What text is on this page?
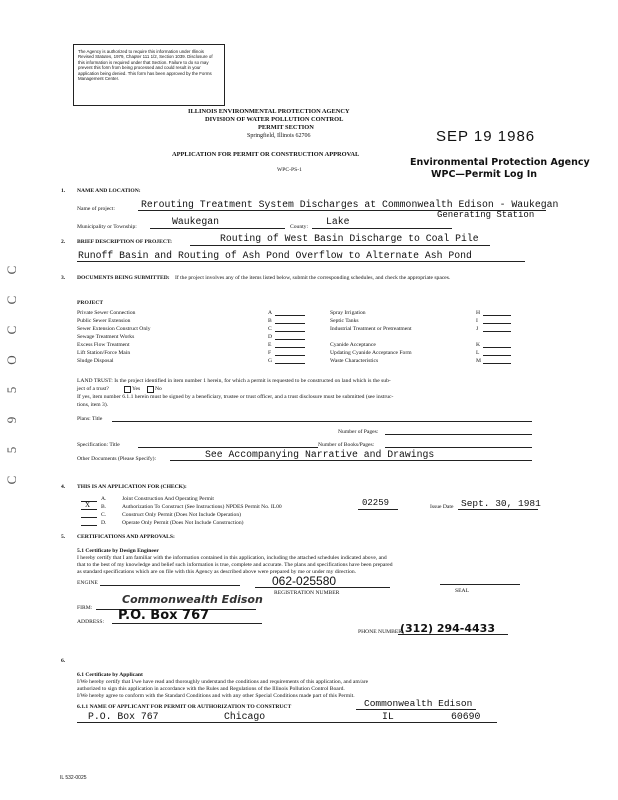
C
C
C
O
5
9
5
C
The Agency is authorized to require this information under Illinois Revised Statutes, 1979, Chapter 111 1/2, Section 1039. Disclosure of this information is required under that Section. Failure to do so may prevent this form from being processed and could result in your application being denied. This form has been approved by the Forms Management Center.
ILLINOIS ENVIRONMENTAL PROTECTION AGENCY
DIVISION OF WATER POLLUTION CONTROL
PERMIT SECTION
Springfield, Illinois 62706
APPLICATION FOR PERMIT OR CONSTRUCTION APPROVAL
WPC-PS-1
SEP 19 1986
Environmental Protection Agency
WPC—Permit Log In
1. NAME AND LOCATION:
Name of project:	Rerouting Treatment System Discharges at Commonwealth Edison - Waukegan
Generating Station
Municipality or Township:	Waukegan	County: Lake
2. BRIEF DESCRIPTION OF PROJECT:	Routing of West Basin Discharge to Coal Pile
Runoff Basin and Routing of Ash Pond Overflow to Alternate Ash Pond
3. DOCUMENTS BEING SUBMITTED: If the project involves any of the items listed below, submit the corresponding schedules, and check the appropriate spaces.
PROJECT
Private Sewer Connection	A
Public Sewer Extension	B
Sewer Extension Construct Only	C
Sewage Treatment Works	D
Excess Flow Treatment	E
Lift Station/Force Main	F
Sludge Disposal	G
Spray Irrigation	H
Septic Tanks	I
Industrial Treatment or Pretreatment	J
Cyanide Acceptance	K
Updating Cyanide Acceptance Form	L
Waste Characteristics	M
LAND TRUST: Is the project identified in item number 1 herein, for which a permit is requested to be constructed on land which is the sub-
ject of a trust?	Yes	No
If yes, item number 6.1.1 herein must be signed by a beneficiary, trustee or trust officer, and a trust disclosure must be submitted (see instruc-
tions, item 3).
Plans: Title
Number of Pages:
Specification: Title	Number of Books/Pages:
Other Documents (Please Specify):	See Accompanying Narrative and Drawings
4. THIS IS AN APPLICATION FOR (CHECK):
A.	Joint Construction And Operating Permit
X B.	Authorization To Construct (See Instructions) NPDES Permit No. IL00	02259	Issue Date Sept. 30, 1981
C.	Construct Only Permit (Does Not Include Operation)
D.	Operate Only Permit (Does Not Include Construction)
5. CERTIFICATIONS AND APPROVALS:
5.1 Certificate by Design Engineer
I hereby certify that I am familiar with the information contained in this application, including the attached schedules indicated above, and
that to the best of my knowledge and belief such information is true, complete and accurate. The plans and specifications have been prepared
as standard specifications which are on file with this Agency as described above were prepared by me or under my direction.
ENGINE	062-025580
REGISTRATION NUMBER	SEAL
FIRM:
Commonwealth Edison
ADDRESS: P.O. Box 767
PHONE NUMBER:
(312) 294-4433
6.
6.1 Certificate by Applicant
I/We hereby certify that I/we have read and thoroughly understand the conditions and requirements of this application, and am/are
authorized to sign this application in accordance with the Rules and Regulations of the Illinois Pollution Control Board.
I/We hereby agree to conform with the Standard Conditions and with any other Special Conditions made part of this Permit.
6.1.1 NAME OF APPLICANT FOR PERMIT OR AUTHORIZATION TO CONSTRUCT	Commonwealth Edison
P.O. Box 767	Chicago	IL	60690
IL 532-0025
